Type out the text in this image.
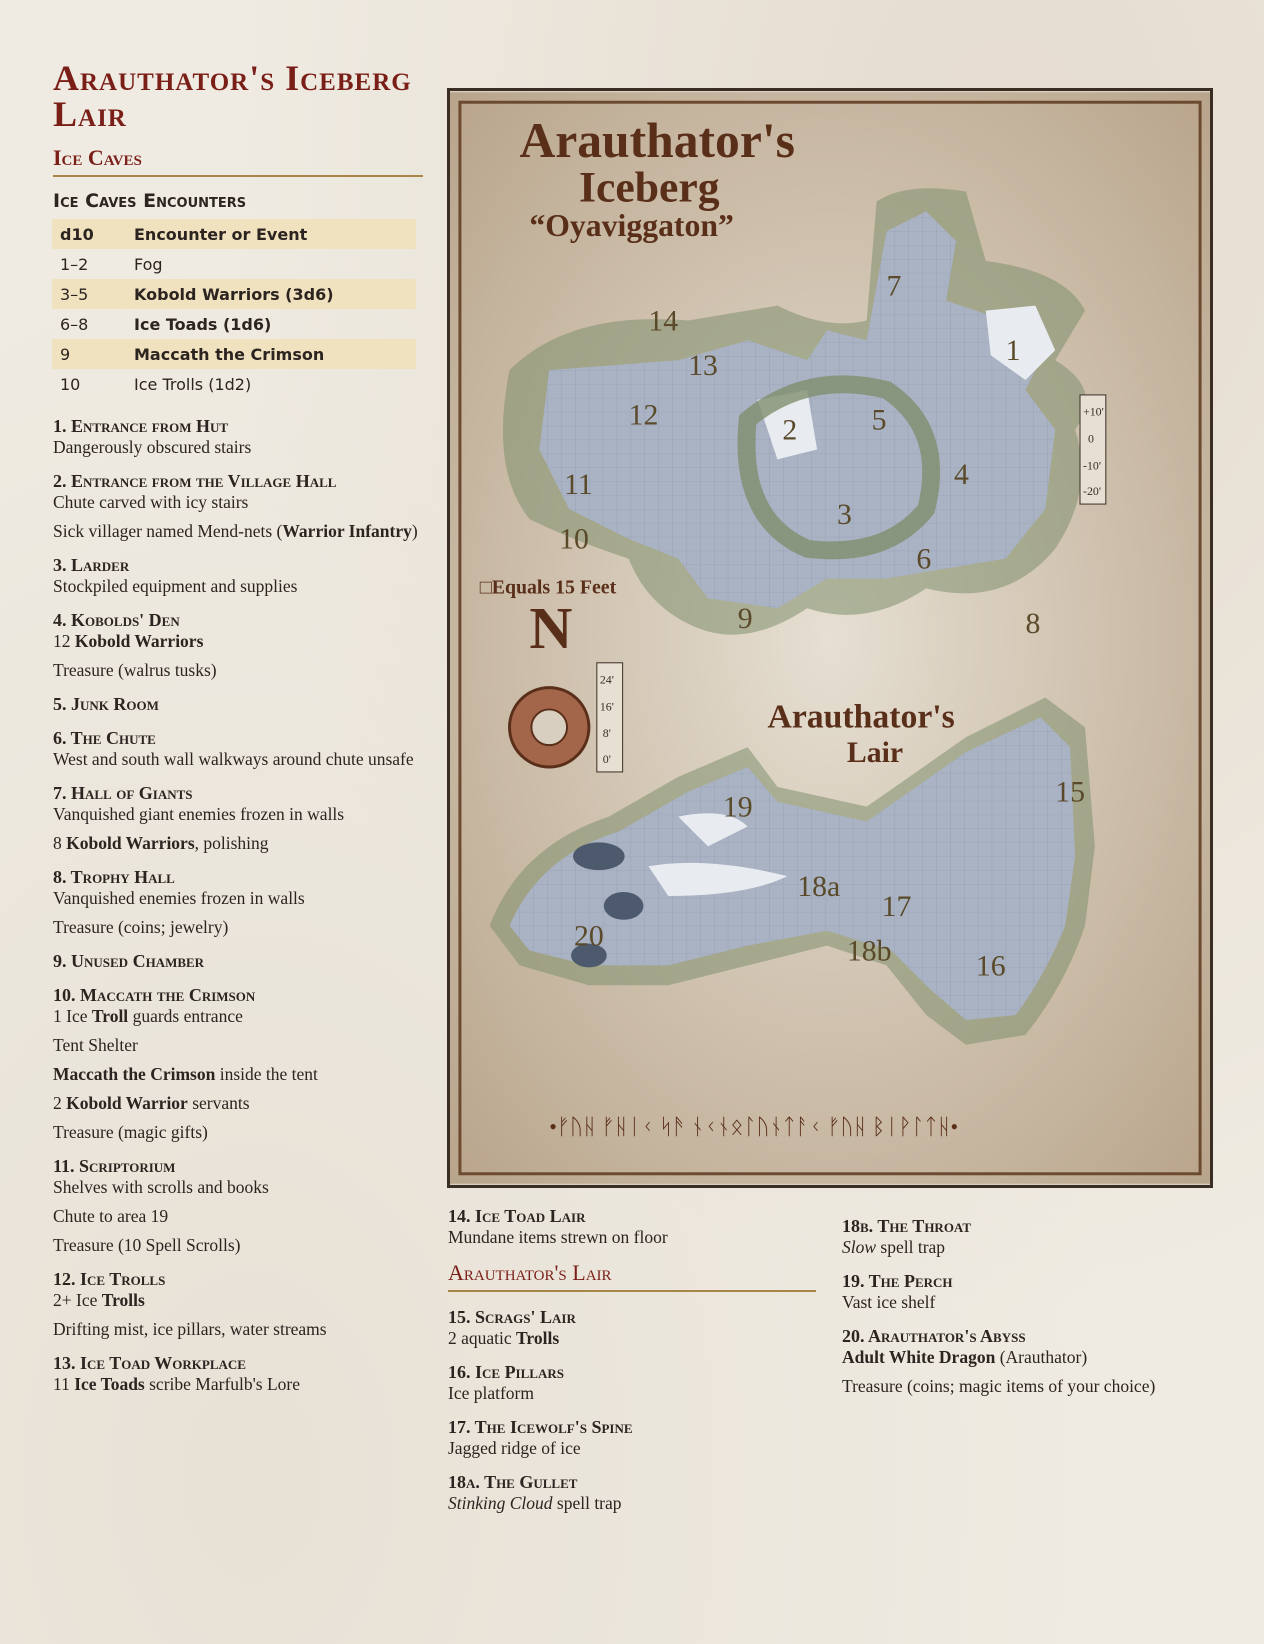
Arauthator's Iceberg Lair
Ice Caves
Ice Caves Encounters
d10	Encounter or Event
1–2	Fog
3–5	Kobold Warriors (3d6)
6–8	Ice Toads (1d6)
9	Maccath the Crimson
10	Ice Trolls (1d2)
1. Entrance from Hut

Dangerously obscured stairs

2. Entrance from the Village Hall

Chute carved with icy stairs

Sick villager named Mend-nets (Warrior Infantry)

3. Larder

Stockpiled equipment and supplies

4. Kobolds' Den

12 Kobold Warriors

Treasure (walrus tusks)

5. Junk Room
6. The Chute

West and south wall walkways around chute unsafe

7. Hall of Giants

Vanquished giant enemies frozen in walls

8 Kobold Warriors, polishing

8. Trophy Hall

Vanquished enemies frozen in walls

Treasure (coins; jewelry)

9. Unused Chamber
10. Maccath the Crimson

1 Ice Troll guards entrance

Tent Shelter

Maccath the Crimson inside the tent

2 Kobold Warrior servants

Treasure (magic gifts)

11. Scriptorium

Shelves with scrolls and books

Chute to area 19

Treasure (10 Spell Scrolls)

12. Ice Trolls

2+ Ice Trolls

Drifting mist, ice pillars, water streams

13. Ice Toad Workplace

11 Ice Toads scribe Marfulb's Lore

14. Ice Toad Lair

Mundane items strewn on floor

Arauthator's Lair
15. Scrags' Lair

2 aquatic Trolls

16. Ice Pillars

Ice platform

17. The Icewolf's Spine

Jagged ridge of ice

18a. The Gullet

Stinking Cloud spell trap

18b. The Throat

Slow spell trap

19. The Perch

Vast ice shelf

20. Arauthator's Abyss

Adult White Dragon (Arauthator)

Treasure (coins; magic items of your choice)

Arauthator's
Iceberg
“Oyaviggaton”
□Equals 15 Feet
Arauthator's
Lair
N
•ᚠᚢᚺ ᚠᚺᛁᚲ ᛋᚫ ᚾᚲᚾᛟᛚᚢᚾᛏᚨᚲ ᚠᚢᚺ ᛒᛁᚹᛚᛏᚺ•
+10'
0
-10'
-20'
24'
16'
8'
0'
1
2
3
4
5
6
7
8
9
10
11
12
13
14
15
16
17
18a
18b
19
20
